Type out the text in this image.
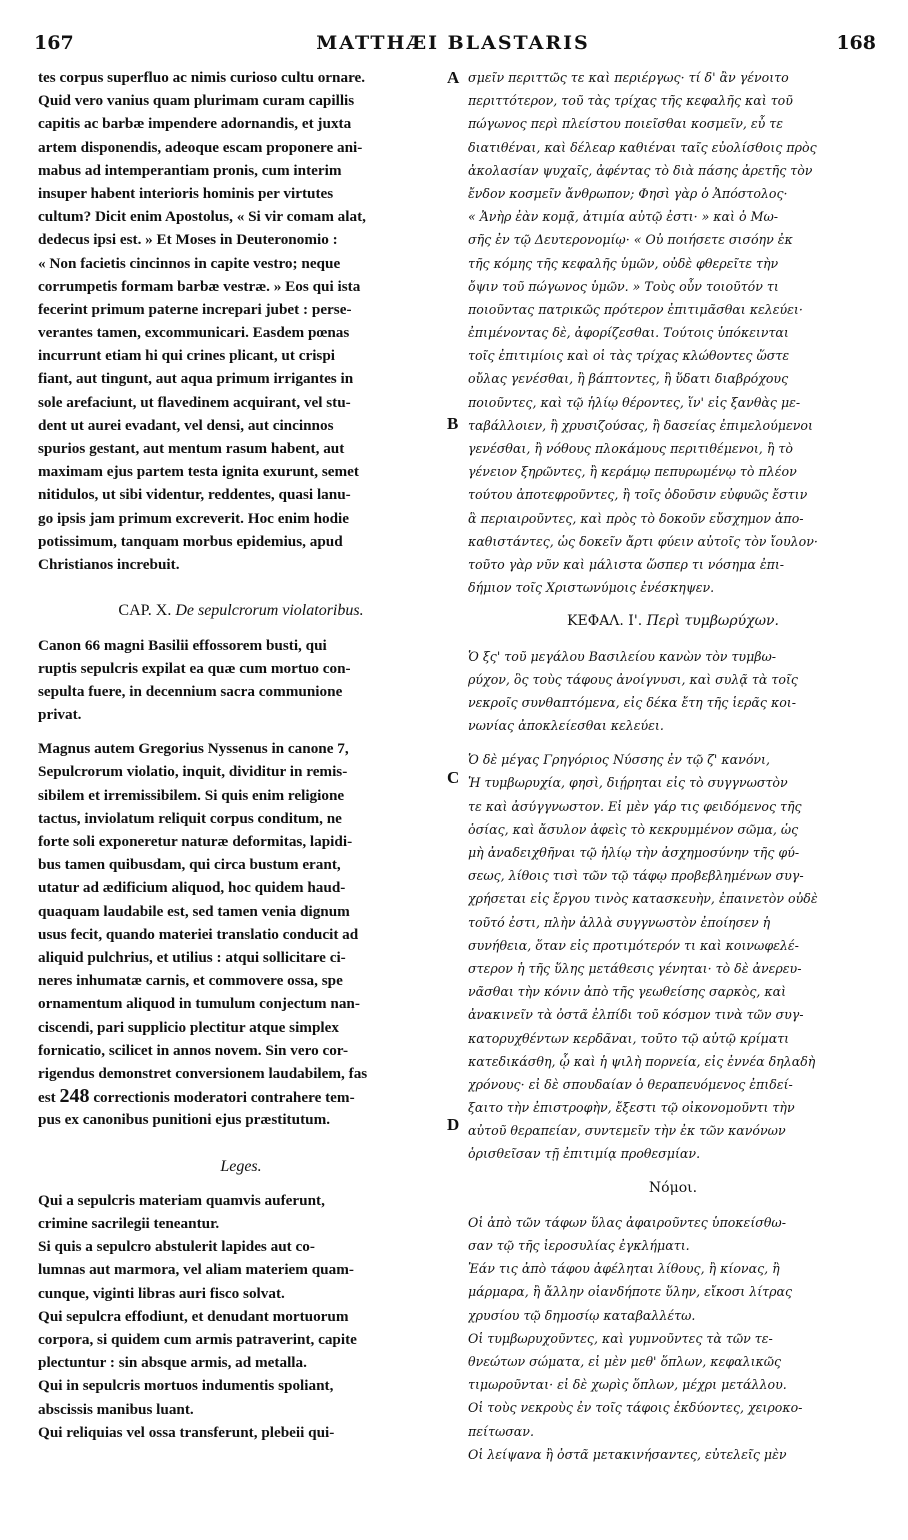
167	MATTHÆI BLASTARIS	168
A
B
C
D
tes corpus superfluo ac nimis curioso cultu ornare.
Quid vero vanius quam plurimam curam capillis
capitis ac barbæ impendere adornandis, et juxta
artem disponendis, adeoque escam proponere ani-
mabus ad intemperantiam pronis, cum interim
insuper habent interioris hominis per virtutes
cultum? Dicit enim Apostolus, « Si vir comam alat,
dedecus ipsi est. » Et Moses in Deuteronomio :
« Non facietis cincinnos in capite vestro; neque
corrumpetis formam barbæ vestræ. » Eos qui ista
fecerint primum paterne increpari jubet : perse-
verantes tamen, excommunicari. Easdem pœnas
incurrunt etiam hi qui crines plicant, ut crispi
fiant, aut tingunt, aut aqua primum irrigantes in
sole arefaciunt, ut flavedinem acquirant, vel stu-
dent ut aurei evadant, vel densi, aut cincinnos
spurios gestant, aut mentum rasum habent, aut
maximam ejus partem testa ignita exurunt, semet
nitidulos, ut sibi videntur, reddentes, quasi lanu-
go ipsis jam primum excreverit. Hoc enim hodie
potissimum, tanquam morbus epidemius, apud
Christianos increbuit.
CAP. X. De sepulcrorum violatoribus.
Canon 66 magni Basilii effossorem busti, qui
ruptis sepulcris expilat ea quæ cum mortuo con-
sepulta fuere, in decennium sacra communione
privat.
Magnus autem Gregorius Nyssenus in canone 7,
Sepulcrorum violatio, inquit, dividitur in remis-
sibilem et irremissibilem. Si quis enim religione
tactus, inviolatum reliquit corpus conditum, ne
forte soli exponeretur naturæ deformitas, lapidi-
bus tamen quibusdam, qui circa bustum erant,
utatur ad ædificium aliquod, hoc quidem haud-
quaquam laudabile est, sed tamen venia dignum
usus fecit, quando materiei translatio conducit ad
aliquid pulchrius, et utilius : atqui sollicitare ci-
neres inhumatæ carnis, et commovere ossa, spe
ornamentum aliquod in tumulum conjectum nan-
ciscendi, pari supplicio plectitur atque simplex
fornicatio, scilicet in annos novem. Sin vero cor-
rigendus demonstret conversionem laudabilem, fas
est 248 correctionis moderatori contrahere tem-
pus ex canonibus punitioni ejus præstitutum.
Leges.
Qui a sepulcris materiam quamvis auferunt,
crimine sacrilegii teneantur.
Si quis a sepulcro abstulerit lapides aut co-
lumnas aut marmora, vel aliam materiem quam-
cunque, viginti libras auri fisco solvat.
Qui sepulcra effodiunt, et denudant mortuorum
corpora, si quidem cum armis patraverint, capite
plectuntur : sin absque armis, ad metalla.
Qui in sepulcris mortuos indumentis spoliant,
abscissis manibus luant.
Qui reliquias vel ossa transferunt, plebeii qui-
σμεῖν περιττῶς τε καὶ περιέργως· τί δ' ἂν γένοιτο
περιττότερον, τοῦ τὰς τρίχας τῆς κεφαλῆς καὶ τοῦ
πώγωνος περὶ πλείστου ποιεῖσθαι κοσμεῖν, εὖ τε
διατιθέναι, καὶ δέλεαρ καθιέναι ταῖς εὐολίσθοις πρὸς
ἀκολασίαν ψυχαῖς, ἀφέντας τὸ διὰ πάσης ἀρετῆς τὸν
ἔνδον κοσμεῖν ἄνθρωπον; Φησὶ γὰρ ὁ Ἀπόστολος·
« Ἀνὴρ ἐὰν κομᾷ, ἀτιμία αὐτῷ ἐστι· » καὶ ὁ Μω-
σῆς ἐν τῷ Δευτερονομίῳ· « Οὐ ποιήσετε σισόην ἐκ
τῆς κόμης τῆς κεφαλῆς ὑμῶν, οὐδὲ φθερεῖτε τὴν
ὄψιν τοῦ πώγωνος ὑμῶν. » Τοὺς οὖν τοιοῦτόν τι
ποιοῦντας πατρικῶς πρότερον ἐπιτιμᾶσθαι κελεύει·
ἐπιμένοντας δὲ, ἀφορίζεσθαι. Τούτοις ὑπόκεινται
τοῖς ἐπιτιμίοις καὶ οἱ τὰς τρίχας κλώθοντες ὥστε
οὔλας γενέσθαι, ἢ βάπτοντες, ἢ ὕδατι διαβρόχους
ποιοῦντες, καὶ τῷ ἡλίῳ θέροντες, ἵν' εἰς ξανθὰς με-
ταβάλλοιεν, ἢ χρυσιζούσας, ἢ δασείας ἐπιμελούμενοι
γενέσθαι, ἢ νόθους πλοκάμους περιτιθέμενοι, ἢ τὸ
γένειον ξηρῶντες, ἢ κεράμῳ πεπυρωμένῳ τὸ πλέον
τούτου ἀποτεφροῦντες, ἢ τοῖς ὀδοῦσιν εὐφυῶς ἔστιν
ἃ περιαιροῦντες, καὶ πρὸς τὸ δοκοῦν εὔσχημον ἀπο-
καθιστάντες, ὡς δοκεῖν ἄρτι φύειν αὐτοῖς τὸν ἴουλον·
τοῦτο γὰρ νῦν καὶ μάλιστα ὥσπερ τι νόσημα ἐπι-
δήμιον τοῖς Χριστωνύμοις ἐνέσκηψεν.
ΚΕΦΑΛ. Ι'. Περὶ τυμβωρύχων.
Ὁ ξς' τοῦ μεγάλου Βασιλείου κανὼν τὸν τυμβω-
ρύχον, ὃς τοὺς τάφους ἀνοίγνυσι, καὶ συλᾷ τὰ τοῖς
νεκροῖς συνθαπτόμενα, εἰς δέκα ἔτη τῆς ἱερᾶς κοι-
νωνίας ἀποκλείεσθαι κελεύει.
Ὁ δὲ μέγας Γρηγόριος Νύσσης ἐν τῷ ζ' κανόνι,
Ἡ τυμβωρυχία, φησὶ, διῄρηται εἰς τὸ συγγνωστὸν
τε καὶ ἀσύγγνωστον. Εἰ μὲν γάρ τις φειδόμενος τῆς
ὁσίας, καὶ ἄσυλον ἀφεὶς τὸ κεκρυμμένον σῶμα, ὡς
μὴ ἀναδειχθῆναι τῷ ἡλίῳ τὴν ἀσχημοσύνην τῆς φύ-
σεως, λίθοις τισὶ τῶν τῷ τάφῳ προβεβλημένων συγ-
χρήσεται εἰς ἔργου τινὸς κατασκευὴν, ἐπαινετὸν οὐδὲ
τοῦτό ἐστι, πλὴν ἀλλὰ συγγνωστὸν ἐποίησεν ἡ
συνήθεια, ὅταν εἰς προτιμότερόν τι καὶ κοινωφελέ-
στερον ἡ τῆς ὕλης μετάθεσις γένηται· τὸ δὲ ἀνερευ-
νᾶσθαι τὴν κόνιν ἀπὸ τῆς γεωθείσης σαρκὸς, καὶ
ἀνακινεῖν τὰ ὀστᾶ ἐλπίδι τοῦ κόσμον τινὰ τῶν συγ-
κατορυχθέντων κερδᾶναι, τοῦτο τῷ αὐτῷ κρίματι
κατεδικάσθη, ᾧ καὶ ἡ ψιλὴ πορνεία, εἰς ἐννέα δηλαδὴ
χρόνους· εἰ δὲ σπουδαίαν ὁ θεραπευόμενος ἐπιδεί-
ξαιτο τὴν ἐπιστροφὴν, ἔξεστι τῷ οἰκονομοῦντι τὴν
αὐτοῦ θεραπείαν, συντεμεῖν τὴν ἐκ τῶν κανόνων
ὁρισθεῖσαν τῇ ἐπιτιμίᾳ προθεσμίαν.
Νόμοι.
Οἱ ἀπὸ τῶν τάφων ὕλας ἀφαιροῦντες ὑποκείσθω-
σαν τῷ τῆς ἱεροσυλίας ἐγκλήματι.
Ἐάν τις ἀπὸ τάφου ἀφέληται λίθους, ἢ κίονας, ἢ
μάρμαρα, ἢ ἄλλην οἱανδήποτε ὕλην, εἴκοσι λίτρας
χρυσίου τῷ δημοσίῳ καταβαλλέτω.
Οἱ τυμβωρυχοῦντες, καὶ γυμνοῦντες τὰ τῶν τε-
θνεώτων σώματα, εἰ μὲν μεθ' ὅπλων, κεφαλικῶς
τιμωροῦνται· εἰ δὲ χωρὶς ὅπλων, μέχρι μετάλλου.
Οἱ τοὺς νεκροὺς ἐν τοῖς τάφοις ἐκδύοντες, χειροκο-
πείτωσαν.
Οἱ λείψανα ἢ ὀστᾶ μετακινήσαντες, εὐτελεῖς μὲν
